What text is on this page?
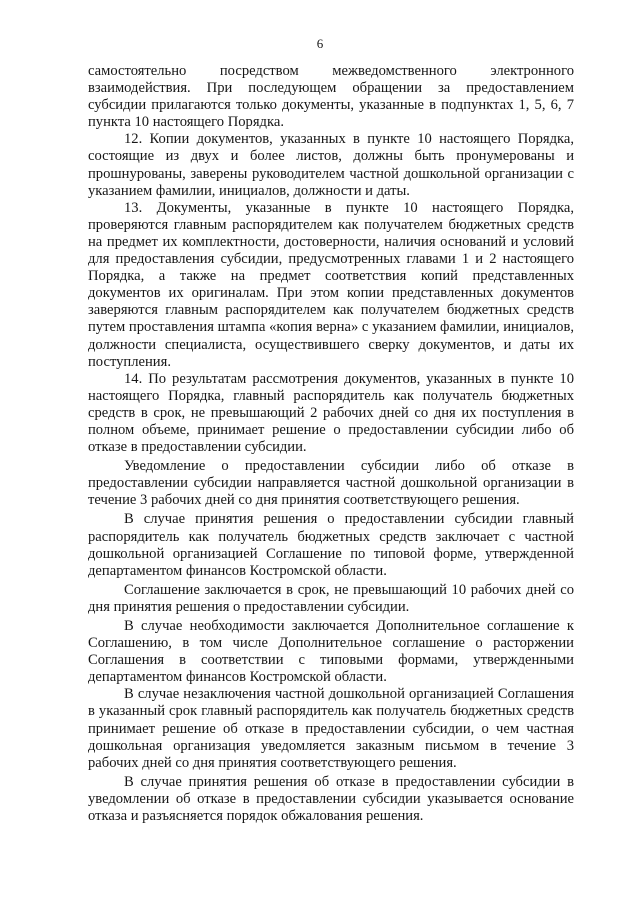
6

самостоятельно посредством межведомственного электронного взаимодействия. При последующем обращении за предоставлением субсидии прилагаются только документы, указанные в подпунктах 1, 5, 6, 7 пункта 10 настоящего Порядка.

12. Копии документов, указанных в пункте 10 настоящего Порядка, состоящие из двух и более листов, должны быть пронумерованы и прошнурованы, заверены руководителем частной дошкольной организации с указанием фамилии, инициалов, должности и даты.

13. Документы, указанные в пункте 10 настоящего Порядка, проверяются главным распорядителем как получателем бюджетных средств на предмет их комплектности, достоверности, наличия оснований и условий для предоставления субсидии, предусмотренных главами 1 и 2 настоящего Порядка, а также на предмет соответствия копий представленных документов их оригиналам. При этом копии представленных документов заверяются главным распорядителем как получателем бюджетных средств путем проставления штампа «копия верна» с указанием фамилии, инициалов, должности специалиста, осуществившего сверку документов, и даты их поступления.

14. По результатам рассмотрения документов, указанных в пункте 10 настоящего Порядка, главный распорядитель как получатель бюджетных средств в срок, не превышающий 2 рабочих дней со дня их поступления в полном объеме, принимает решение о предоставлении субсидии либо об отказе в предоставлении субсидии.

Уведомление о предоставлении субсидии либо об отказе в предоставлении субсидии направляется частной дошкольной организации в течение 3 рабочих дней со дня принятия соответствующего решения.

В случае принятия решения о предоставлении субсидии главный распорядитель как получатель бюджетных средств заключает с частной дошкольной организацией Соглашение по типовой форме, утвержденной департаментом финансов Костромской области.

Соглашение заключается в срок, не превышающий 10 рабочих дней со дня принятия решения о предоставлении субсидии.

В случае необходимости заключается Дополнительное соглашение к Соглашению, в том числе Дополнительное соглашение о расторжении Соглашения в соответствии с типовыми формами, утвержденными департаментом финансов Костромской области.

В случае незаключения частной дошкольной организацией Соглашения в указанный срок главный распорядитель как получатель бюджетных средств принимает решение об отказе в предоставлении субсидии, о чем частная дошкольная организация уведомляется заказным письмом в течение 3 рабочих дней со дня принятия соответствующего решения.

В случае принятия решения об отказе в предоставлении субсидии в уведомлении об отказе в предоставлении субсидии указывается основание отказа и разъясняется порядок обжалования решения.
